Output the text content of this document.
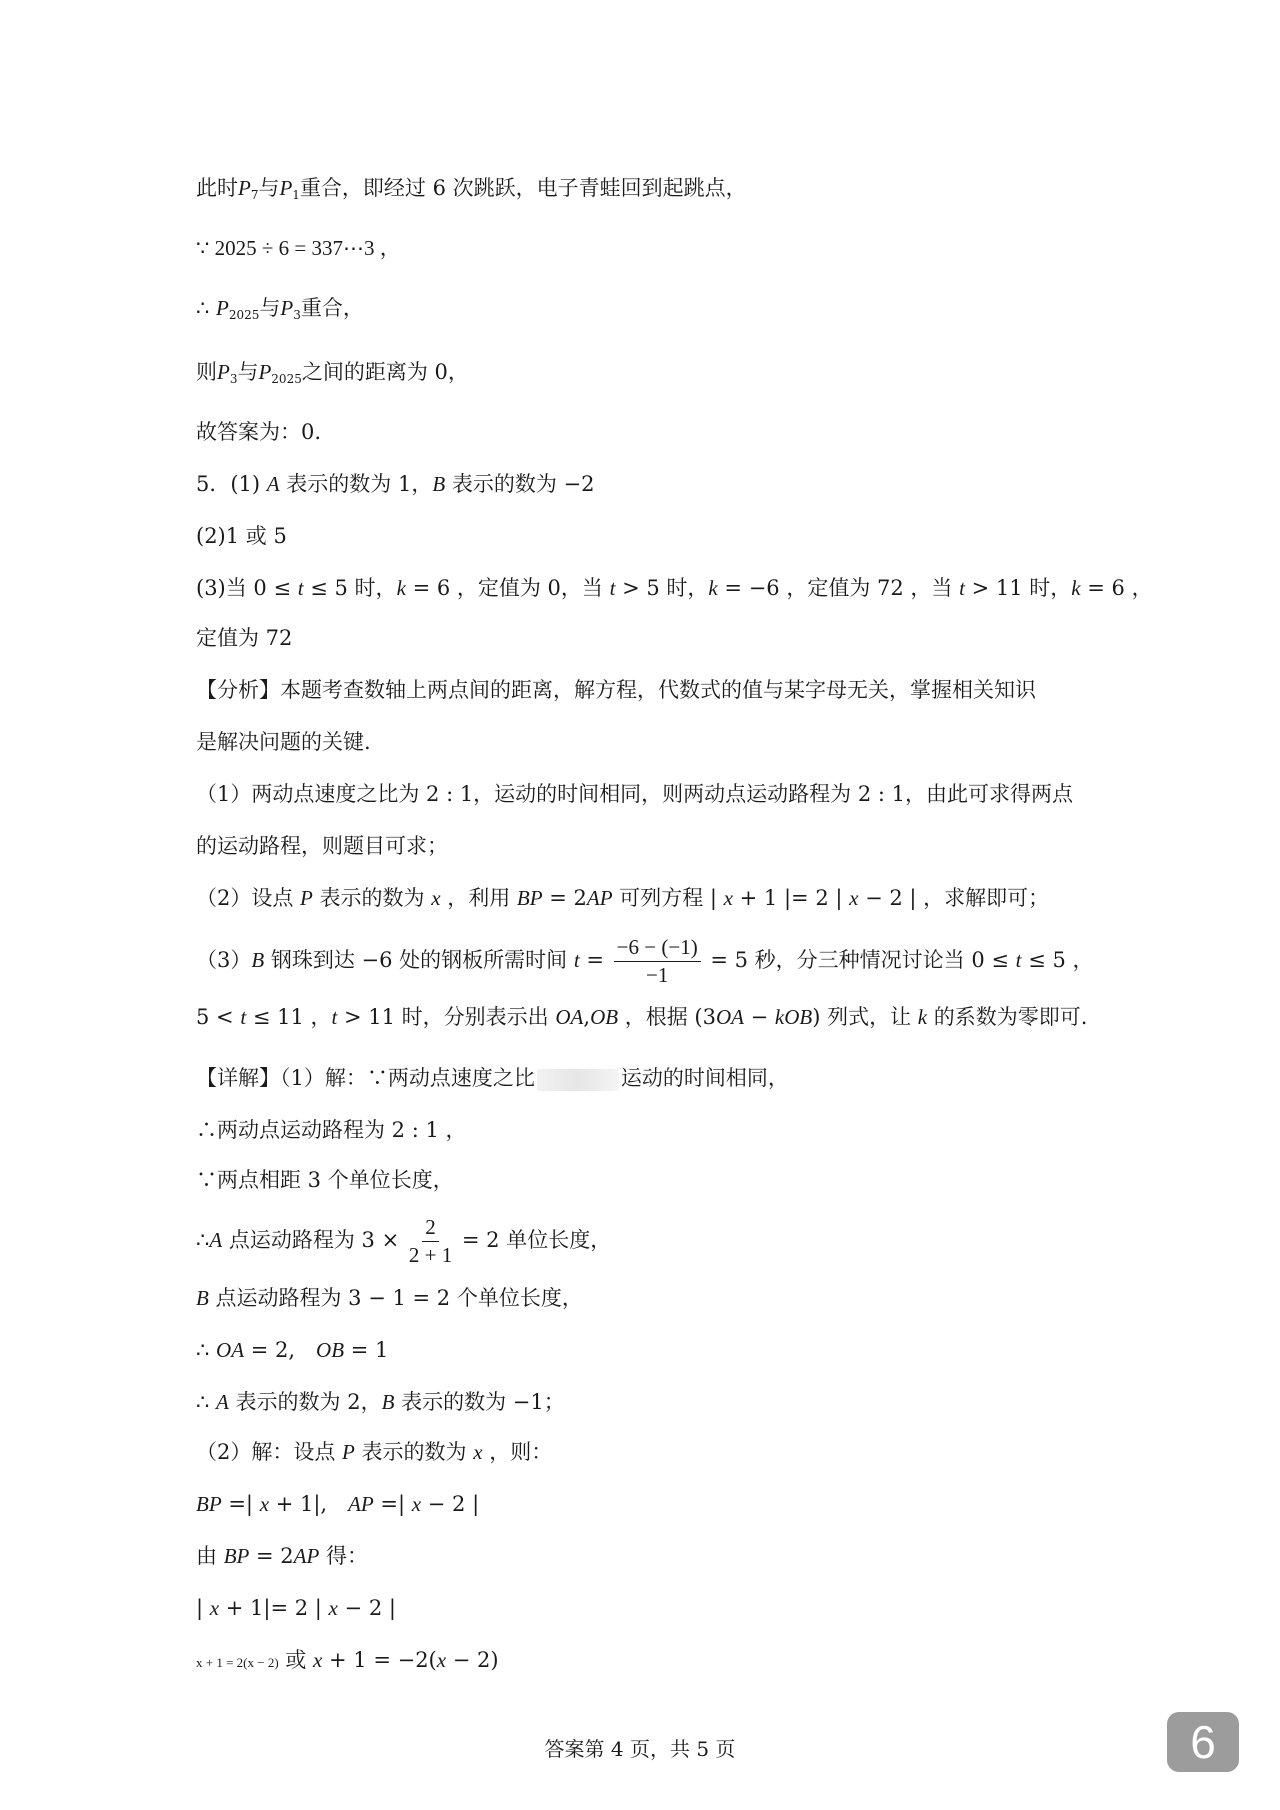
此时$P_7$与$P_1$重合，即经过 6 次跳跃，电子青蛙回到起跳点，
∵ 2025 ÷ 6 = 337⋯3 ，
∴ $P_{2025}$与$P_3$重合，
则$P_3$与$P_{2025}$之间的距离为 0，
故答案为：0.
5．(1) A 表示的数为 1，B 表示的数为 −2
(2)1 或 5
(3)当 0 ≤ t ≤ 5 时，k = 6 ，定值为 0，当 t > 5 时，k = −6 ，定值为 72 ，当 t > 11 时，k = 6 ，
定值为 72
【分析】本题考查数轴上两点间的距离，解方程，代数式的值与某字母无关，掌握相关知识
是解决问题的关键.
（1）两动点速度之比为 2 : 1，运动的时间相同，则两动点运动路程为 2 : 1，由此可求得两点
的运动路程，则题目可求；
（2）设点 P 表示的数为 x ，利用 BP = 2AP 可列方程 | x + 1 |= 2 | x − 2 | ，求解即可；
（3）B 钢珠到达 −6 处的钢板所需时间 $t = \frac{-6 - (-1)}{-1} = 5$ 秒，分三种情况讨论当 0 ≤ t ≤ 5 ，
5 < t ≤ 11 ，t > 11 时，分别表示出 OA,OB ，根据 (3OA − kOB) 列式，让 k 的系数为零即可.
【详解】（1）解：∵两动点速度之比	运动的时间相同，
∴两动点运动路程为 2 : 1 ，
∵两点相距 3 个单位长度，
∴A 点运动路程为 $3 \times \frac{2}{2 + 1} = 2$ 单位长度，
B 点运动路程为 3 − 1 = 2 个单位长度，
∴ OA = 2,　OB = 1
∴ A 表示的数为 2，B 表示的数为 −1；
（2）解：设点 P 表示的数为 x ，则：
BP =| x + 1|,　AP =| x − 2 |
由 BP = 2AP 得：
| x + 1|= 2 | x − 2 |
x + 1 = 2(x − 2) 或 x + 1 = −2(x − 2)
答案第 4 页，共 5 页	6
